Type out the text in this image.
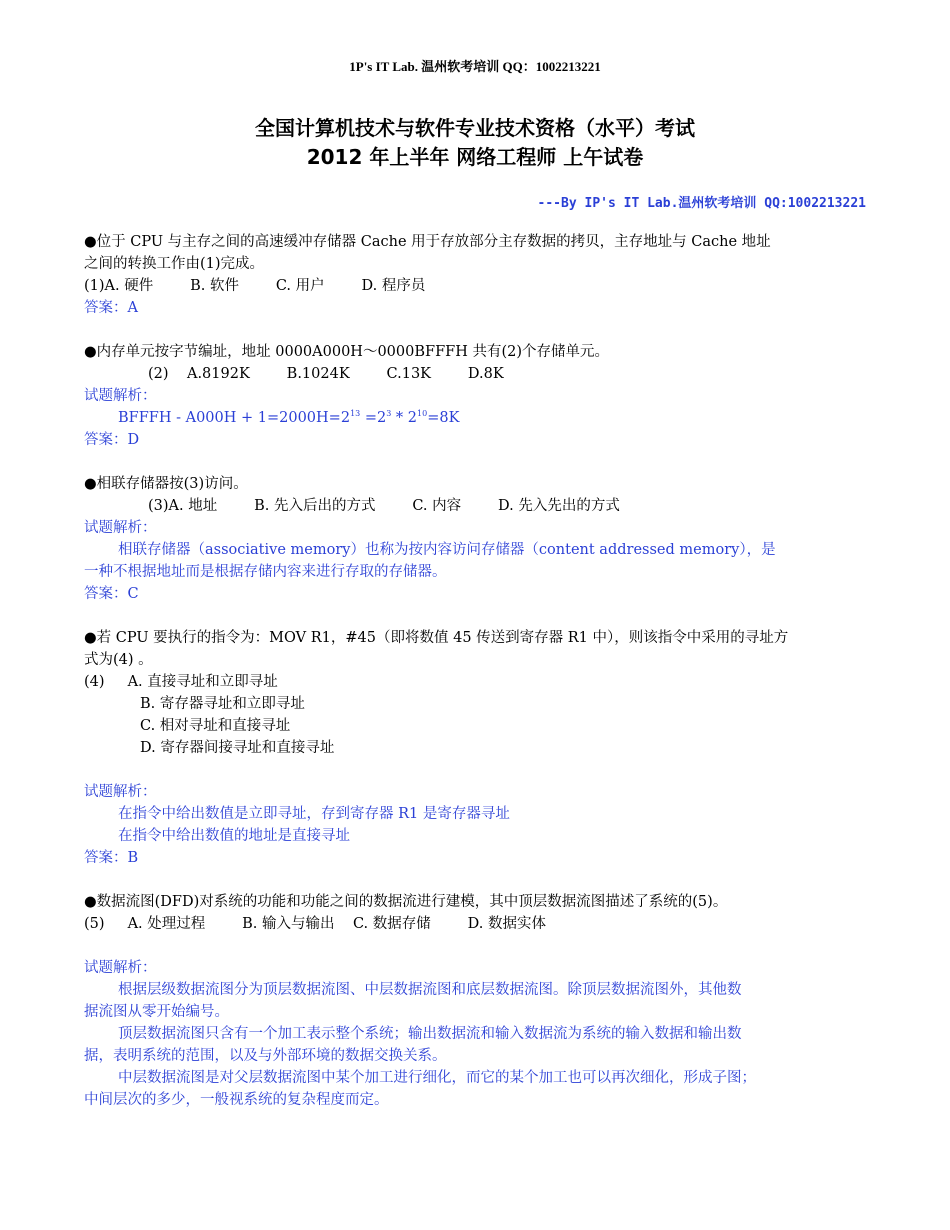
1P's IT Lab. 温州软考培训 QQ：1002213221
全国计算机技术与软件专业技术资格（水平）考试
2012 年上半年 网络工程师 上午试卷
---By IP's IT Lab.温州软考培训 QQ:1002213221

●位于 CPU 与主存之间的高速缓冲存储器 Cache 用于存放部分主存数据的拷贝，主存地址与 Cache 地址

之间的转换工作由(1)完成。

(1)A. 硬件        B. 软件        C. 用户        D. 程序员

答案：A

●内存单元按字节编址，地址 0000A000H～0000BFFFH 共有(2)个存储单元。

(2)    A.8192K        B.1024K        C.13K        D.8K

试题解析：

BFFFH - $A000H + 1=2000H=2^{13} =2^3 * 2^{10}=8K$

答案：D

●相联存储器按(3)访问。

(3)A. 地址        B. 先入后出的方式        C. 内容        D. 先入先出的方式

试题解析：

相联存储器（associative memory）也称为按内容访问存储器（content addressed memory），是

一种不根据地址而是根据存储内容来进行存取的存储器。

答案：C

●若 CPU 要执行的指令为：MOV R1，#45（即将数值 45 传送到寄存器 R1 中），则该指令中采用的寻址方

式为(4) 。

(4)     A. 直接寻址和立即寻址

B. 寄存器寻址和立即寻址

C. 相对寻址和直接寻址

D. 寄存器间接寻址和直接寻址

试题解析：

在指令中给出数值是立即寻址，存到寄存器 R1 是寄存器寻址

在指令中给出数值的地址是直接寻址

答案：B

●数据流图(DFD)对系统的功能和功能之间的数据流进行建模，其中顶层数据流图描述了系统的(5)。

(5)     A. 处理过程        B. 输入与输出    C. 数据存储        D. 数据实体

试题解析：

根据层级数据流图分为顶层数据流图、中层数据流图和底层数据流图。除顶层数据流图外，其他数

据流图从零开始编号。

顶层数据流图只含有一个加工表示整个系统；输出数据流和输入数据流为系统的输入数据和输出数

据，表明系统的范围，以及与外部环境的数据交换关系。

中层数据流图是对父层数据流图中某个加工进行细化，而它的某个加工也可以再次细化，形成子图；

中间层次的多少，一般视系统的复杂程度而定。
